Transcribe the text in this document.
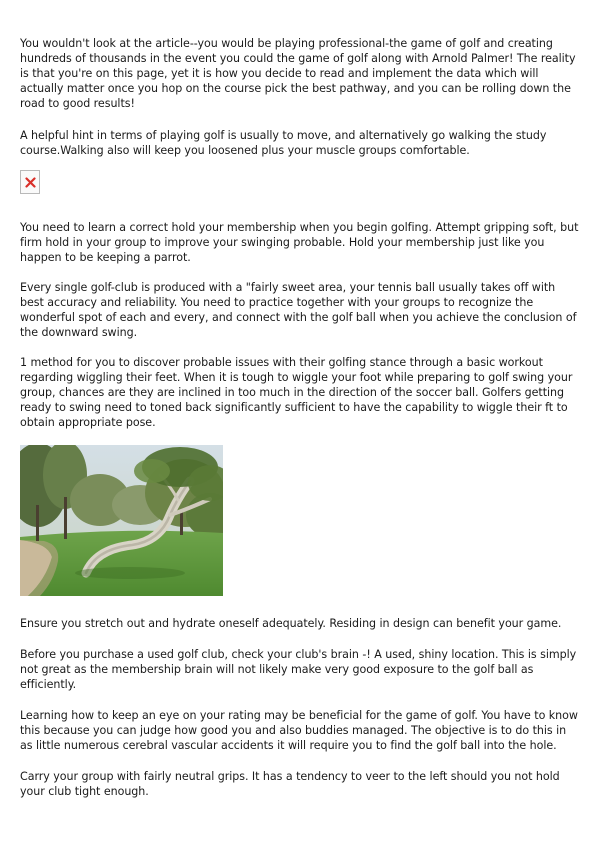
You wouldn't look at the article--you would be playing professional-the game of golf and creating hundreds of thousands in the event you could the game of golf along with Arnold Palmer! The reality is that you're on this page, yet it is how you decide to read and implement the data which will actually matter once you hop on the course pick the best pathway, and you can be rolling down the road to good results!

A helpful hint in terms of playing golf is usually to move, and alternatively go walking the study course.Walking also will keep you loosened plus your muscle groups comfortable.

You need to learn a correct hold your membership when you begin golfing. Attempt gripping soft, but firm hold in your group to improve your swinging probable. Hold your membership just like you happen to be keeping a parrot.

Every single golf-club is produced with a "fairly sweet area, your tennis ball usually takes off with best accuracy and reliability. You need to practice together with your groups to recognize the wonderful spot of each and every, and connect with the golf ball when you achieve the conclusion of the downward swing.

1 method for you to discover probable issues with their golfing stance through a basic workout regarding wiggling their feet. When it is tough to wiggle your foot while preparing to golf swing your group, chances are they are inclined in too much in the direction of the soccer ball. Golfers getting ready to swing need to toned back significantly sufficient to have the capability to wiggle their ft to obtain appropriate pose.

Ensure you stretch out and hydrate oneself adequately. Residing in design can benefit your game.

Before you purchase a used golf club, check your club's brain -! A used, shiny location. This is simply not great as the membership brain will not likely make very good exposure to the golf ball as efficiently.

Learning how to keep an eye on your rating may be beneficial for the game of golf. You have to know this because you can judge how good you and also buddies managed. The objective is to do this in as little numerous cerebral vascular accidents it will require you to find the golf ball into the hole.

Carry your group with fairly neutral grips. It has a tendency to veer to the left should you not hold your club tight enough.
